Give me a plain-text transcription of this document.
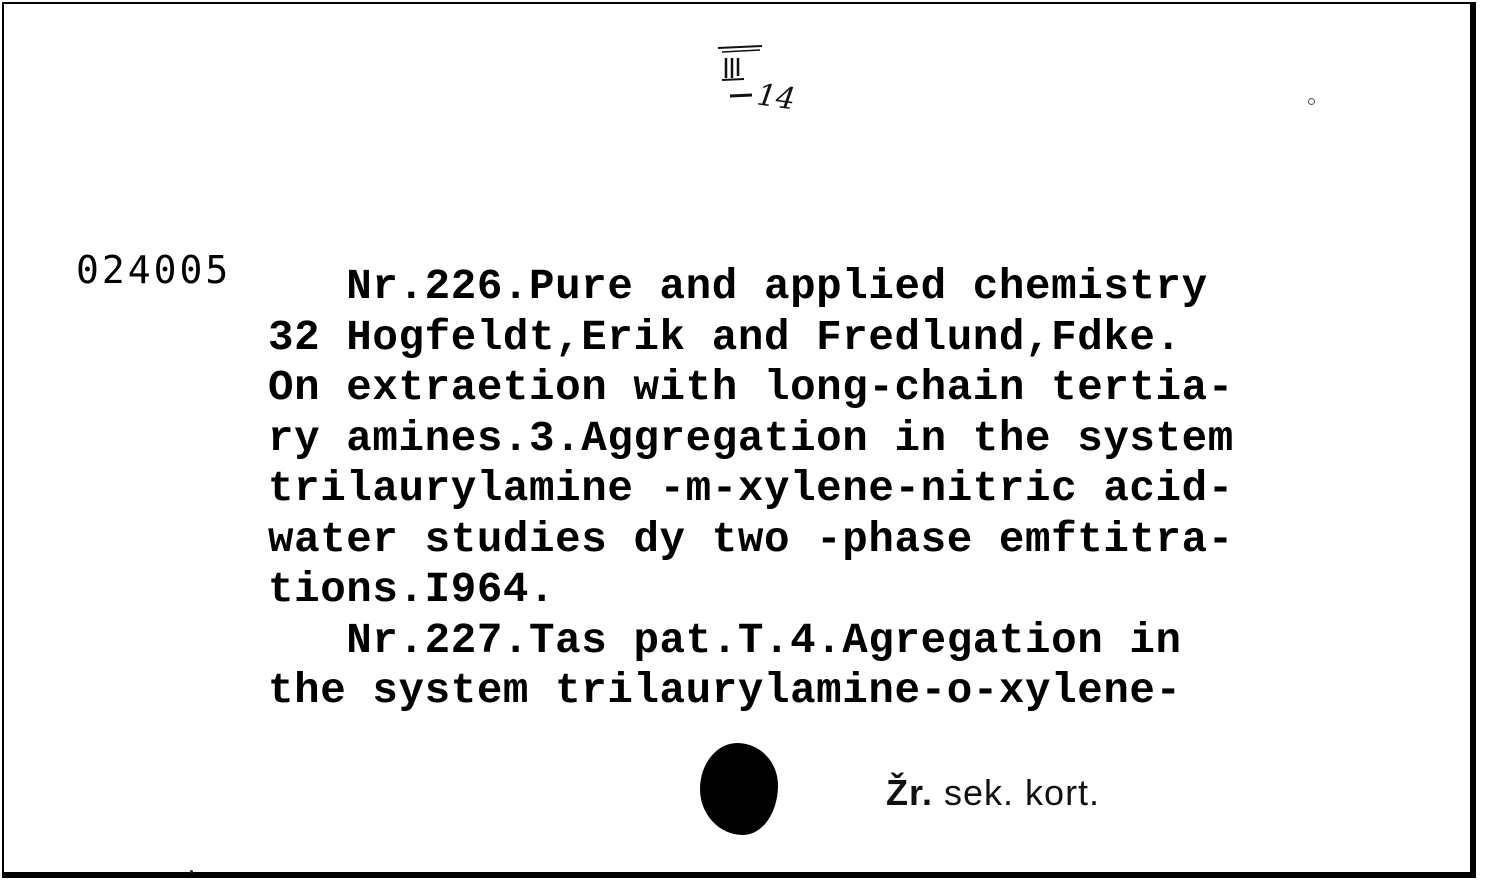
14
024005 Nr.226.Pure and applied chemistry
32 Hogfeldt,Erik and Fredlund,Fdke.
On extraetion with long-chain tertia-
ry amines.3.Aggregation in the system
trilaurylamine -m-xylene-nitric acid-
water studies dy two -phase emftitra-
tions.I964.
Nr.227.Tas pat.T.4.Agregation in
the system trilaurylamine-o-xylene-
Žr. sek. kort.
